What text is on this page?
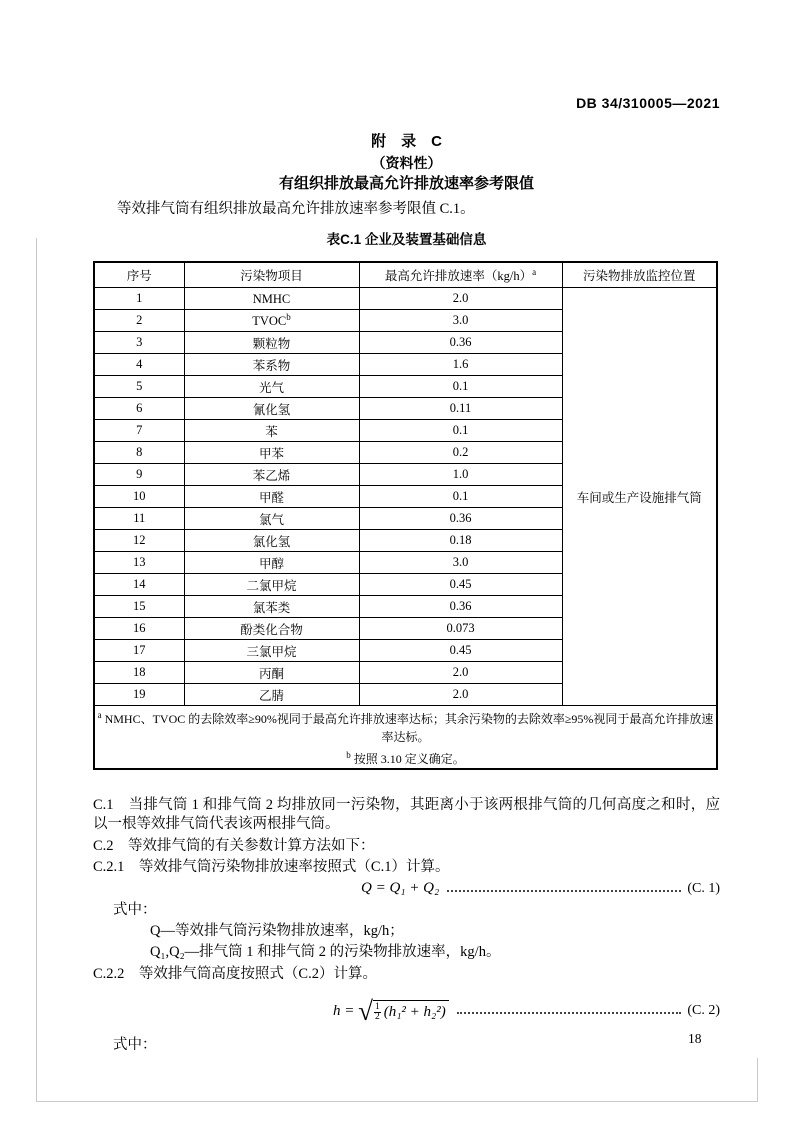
DB 34/310005—2021
附　录　C
（资料性）
有组织排放最高允许排放速率参考限值
等效排气筒有组织排放最高允许排放速率参考限值 C.1。
表C.1 企业及装置基础信息
序号	污染物项目	最高允许排放速率$(kg/h)^a$	污染物排放监控位置
1	NMHC	2.0	车间或生产设施排气筒
2	TVOC$^b$	3.0	
3	颗粒物	0.36	
4	苯系物	1.6	
5	光气	0.1	
6	氰化氢	0.11	
7	苯	0.1	
8	甲苯	0.2	
9	苯乙烯	1.0	
10	甲醛	0.1	
11	氯气	0.36	
12	氯化氢	0.18	
13	甲醇	3.0	
14	二氯甲烷	0.45	
15	氯苯类	0.36	
16	酚类化合物	0.073	
17	三氯甲烷	0.45	
18	丙酮	2.0	
19	乙腈	2.0	

$^a$ NMHC、TVOC 的去除效率≥90%视同于最高允许排放速率达标；其余污染物的去除效率≥95%视同于最高允许排放速率达标。
$^b$ 按照 3.10 定义确定。			
C.1　当排气筒 1 和排气筒 2 均排放同一污染物，其距离小于该两根排气筒的几何高度之和时，应以一根等效排气筒代表该两根排气筒。
C.2　等效排气筒的有关参数计算方法如下：
C.2.1　等效排气筒污染物排放速率按照式（C.1）计算。
Q = Q₁ + Q₂	(C. 1)
式中：
Q—等效排气筒污染物排放速率，kg/h；
Q₁,Q₂—排气筒 1 和排气筒 2 的污染物排放速率，kg/h。
C.2.2　等效排气筒高度按照式（C.2）计算。
h = √ $\frac{1}{2} (h_1^2 + h_2^2)$	(C. 2)
式中：	18
